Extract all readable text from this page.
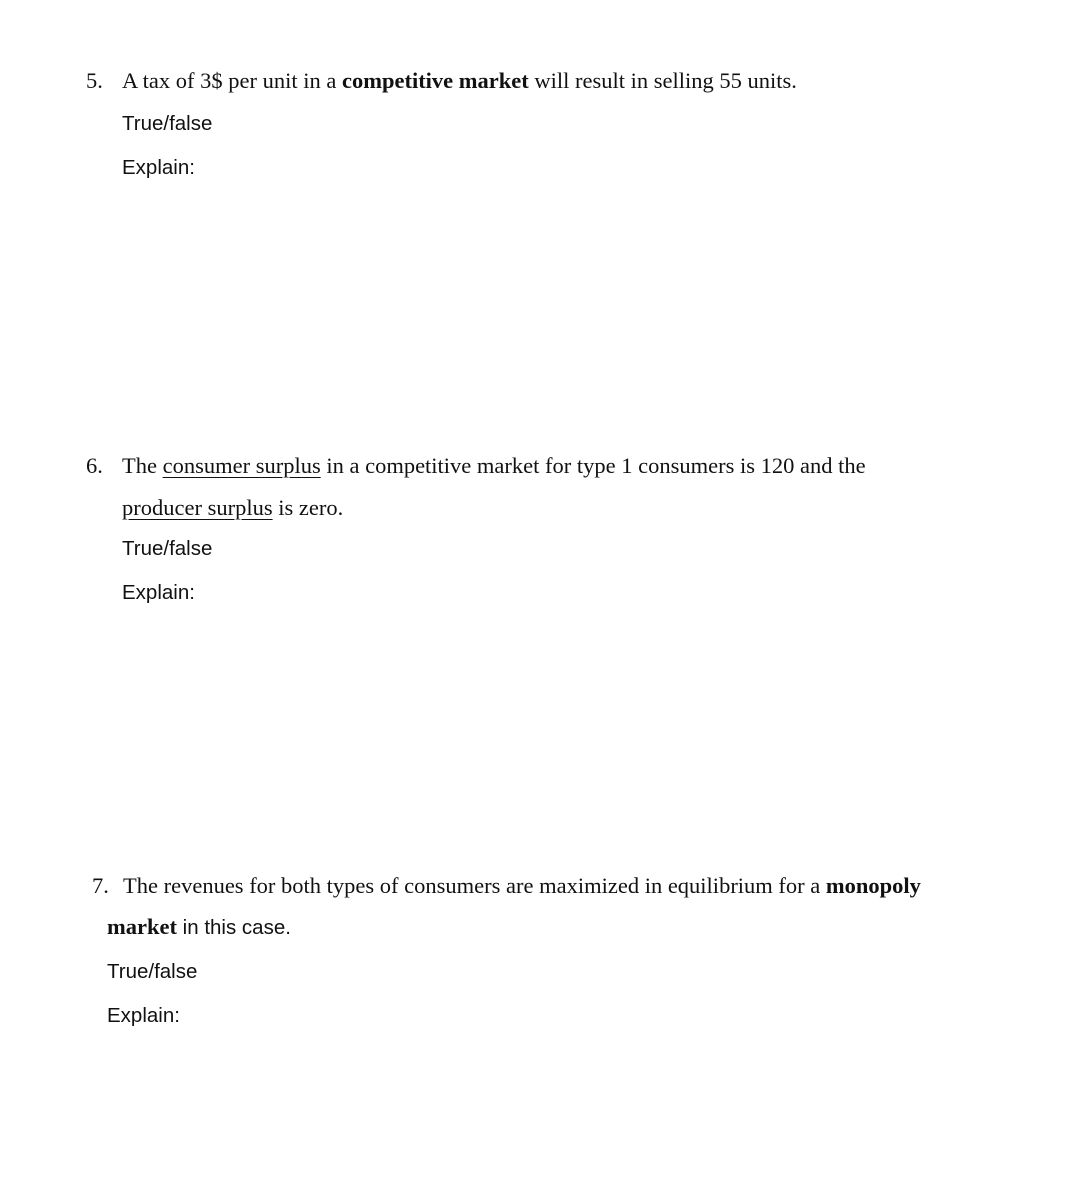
5. A tax of 3$ per unit in a competitive market will result in selling 55 units.
True/false
Explain:
6. The consumer surplus in a competitive market for type 1 consumers is 120 and the
producer surplus is zero.
True/false
Explain:
7. The revenues for both types of consumers are maximized in equilibrium for a monopoly
market in this case.
True/false
Explain:
